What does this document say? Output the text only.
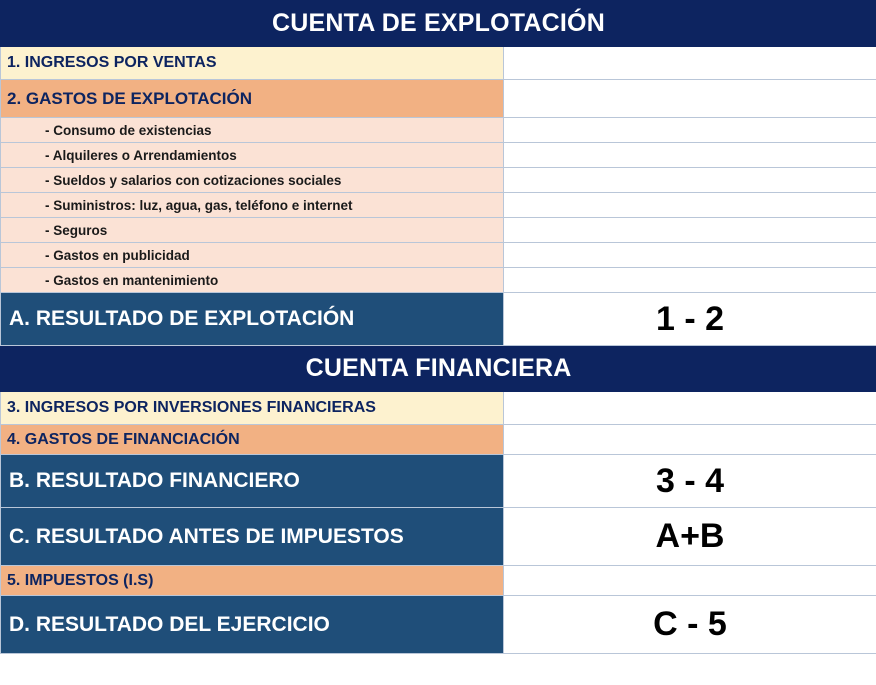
CUENTA DE EXPLOTACIÓN	
1. INGRESOS POR VENTAS	
2. GASTOS DE EXPLOTACIÓN	
- Consumo de existencias	
- Alquileres o Arrendamientos	
- Sueldos y salarios con cotizaciones sociales	
- Suministros: luz, agua, gas, teléfono e internet	
- Seguros	
- Gastos en publicidad	
- Gastos en mantenimiento	
A. RESULTADO DE EXPLOTACIÓN	1 - 2
CUENTA FINANCIERA	
3. INGRESOS POR INVERSIONES FINANCIERAS	
4. GASTOS DE FINANCIACIÓN	
B. RESULTADO FINANCIERO	3 - 4
C. RESULTADO ANTES DE IMPUESTOS	A+B
5. IMPUESTOS (I.S)	
D. RESULTADO DEL EJERCICIO	C - 5
